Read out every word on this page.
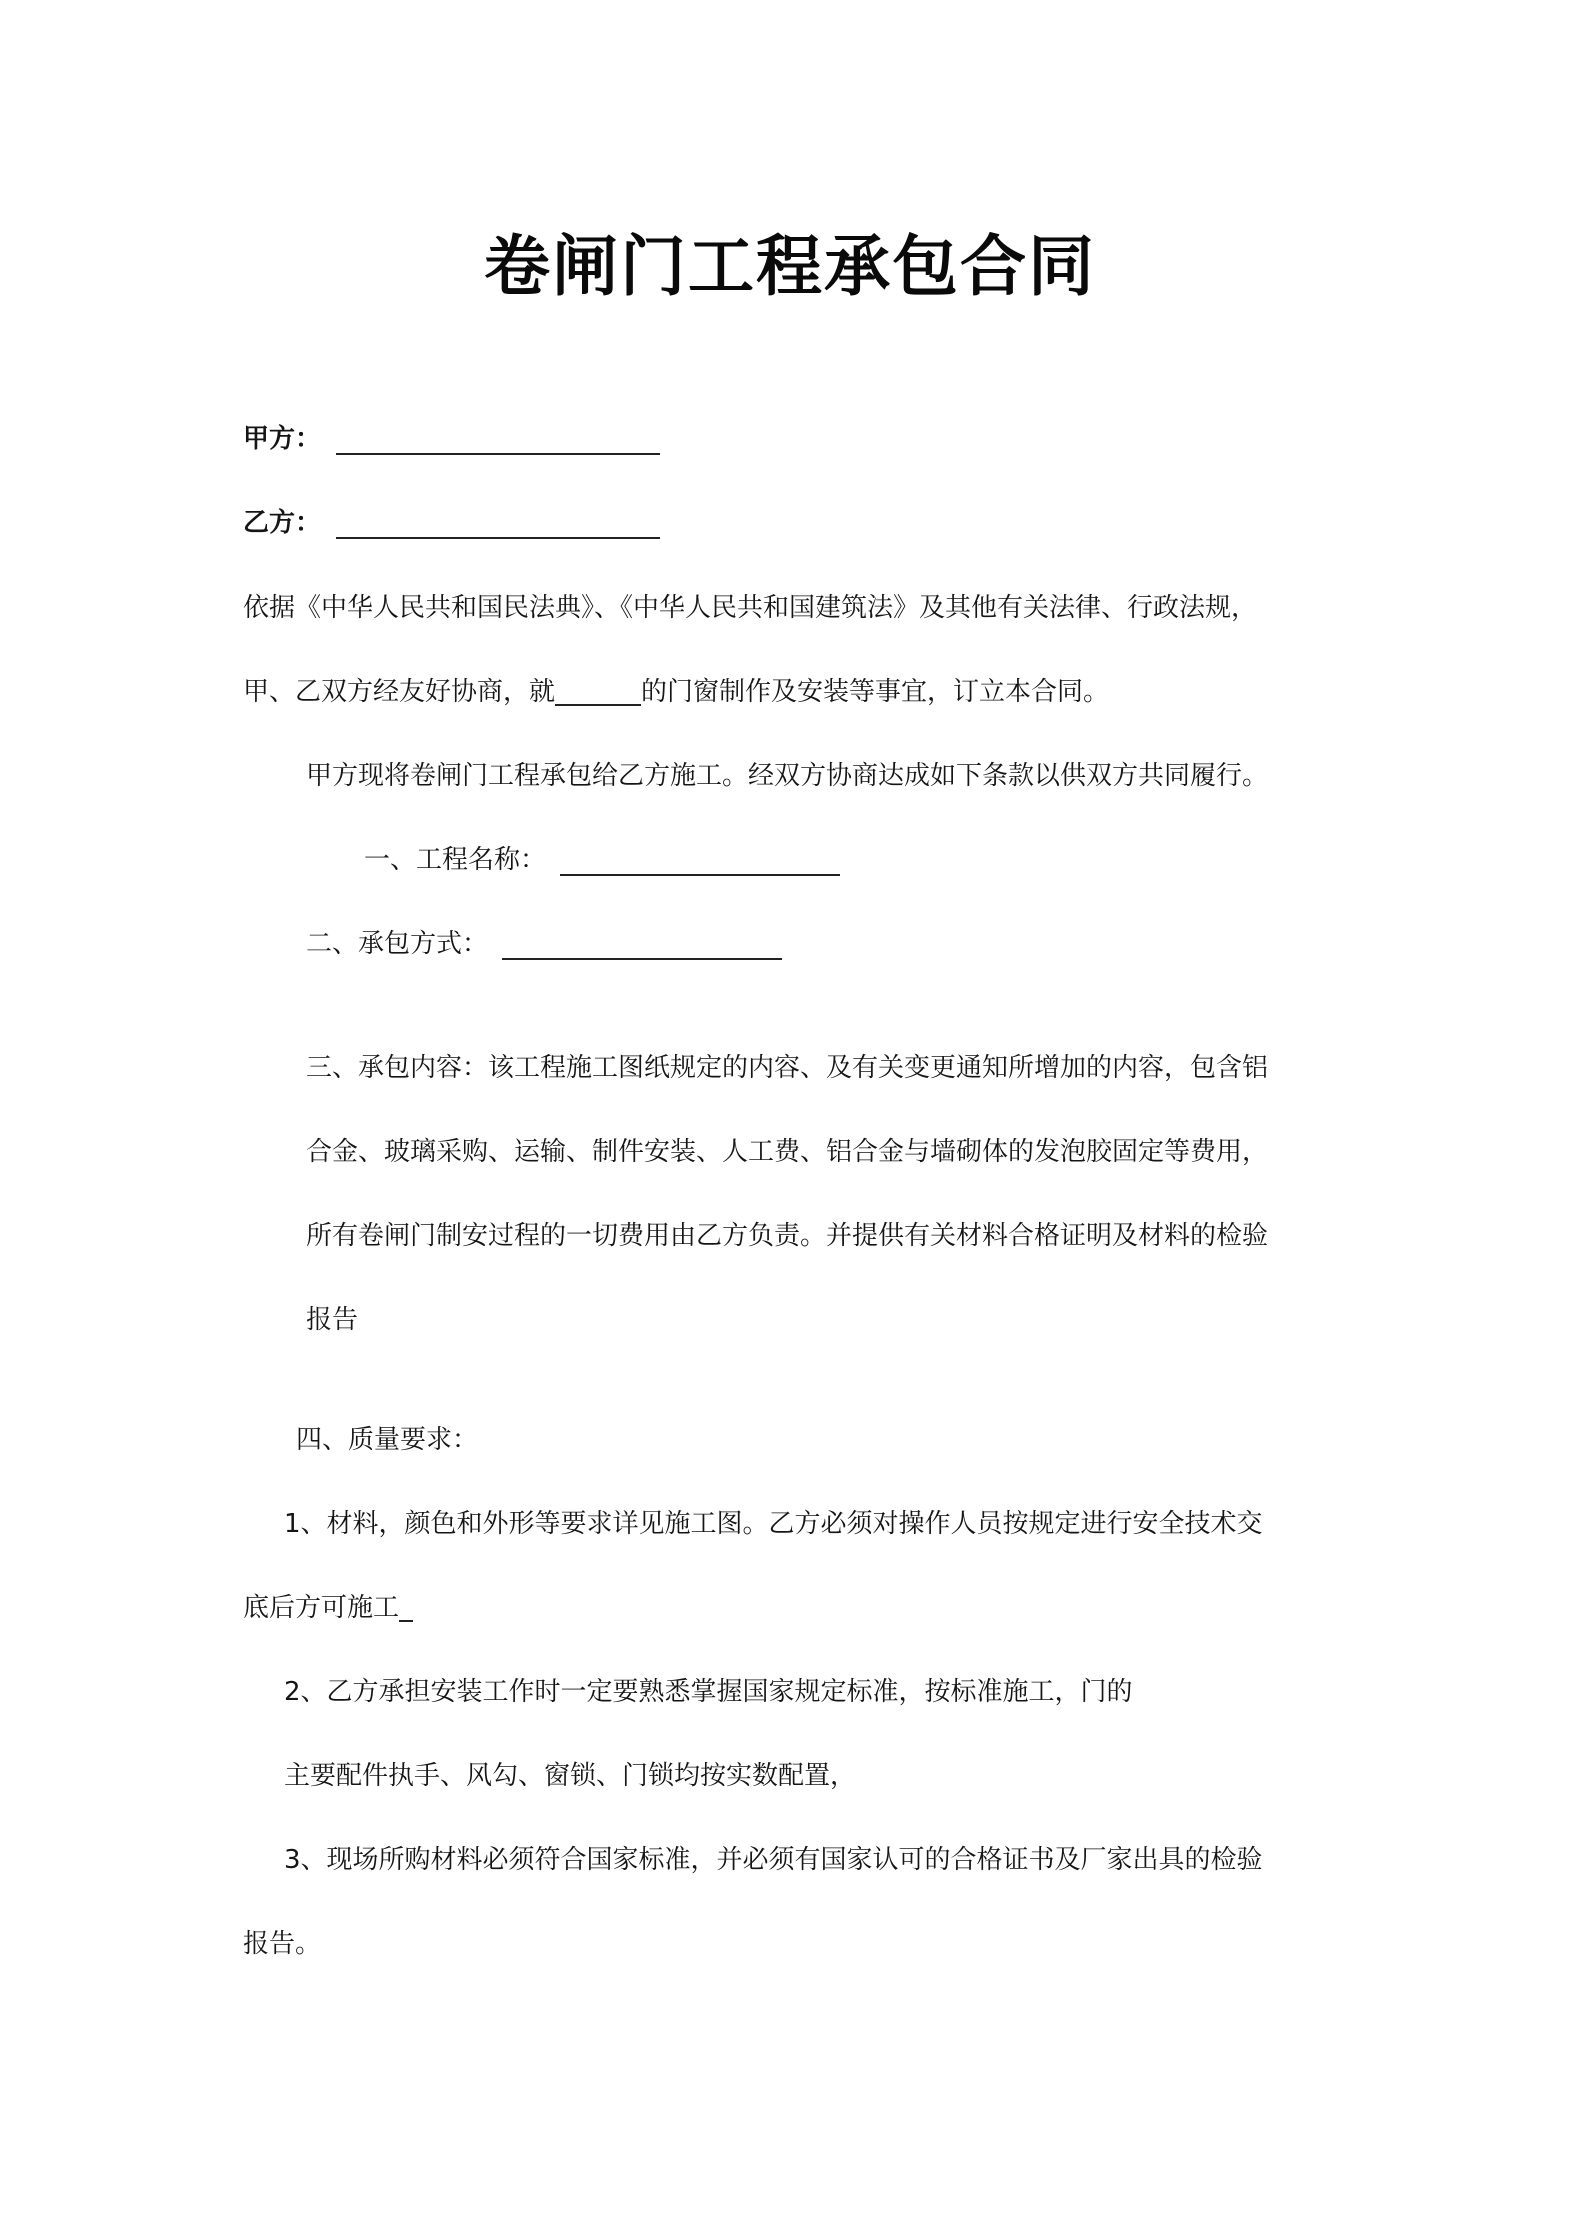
卷闸门工程承包合同
甲方：
乙方：
依据《中华人民共和国民法典》、《中华人民共和国建筑法》及其他有关法律、行政法规，
甲、乙双方经友好协商，就	的门窗制作及安装等事宜，订立本合同。
甲方现将卷闸门工程承包给乙方施工。经双方协商达成如下条款以供双方共同履行。
一、工程名称：
二、承包方式：
三、承包内容：该工程施工图纸规定的内容、及有关变更通知所增加的内容，包含铝
合金、玻璃采购、运输、制件安装、人工费、铝合金与墙砌体的发泡胶固定等费用，
所有卷闸门制安过程的一切费用由乙方负责。并提供有关材料合格证明及材料的检验
报告
四、质量要求：
1、材料，颜色和外形等要求详见施工图。乙方必须对操作人员按规定进行安全技术交
底后方可施工
2、乙方承担安装工作时一定要熟悉掌握国家规定标准，按标准施工，门的
主要配件执手、风勾、窗锁、门锁均按实数配置，
3、现场所购材料必须符合国家标准，并必须有国家认可的合格证书及厂家出具的检验
报告。
